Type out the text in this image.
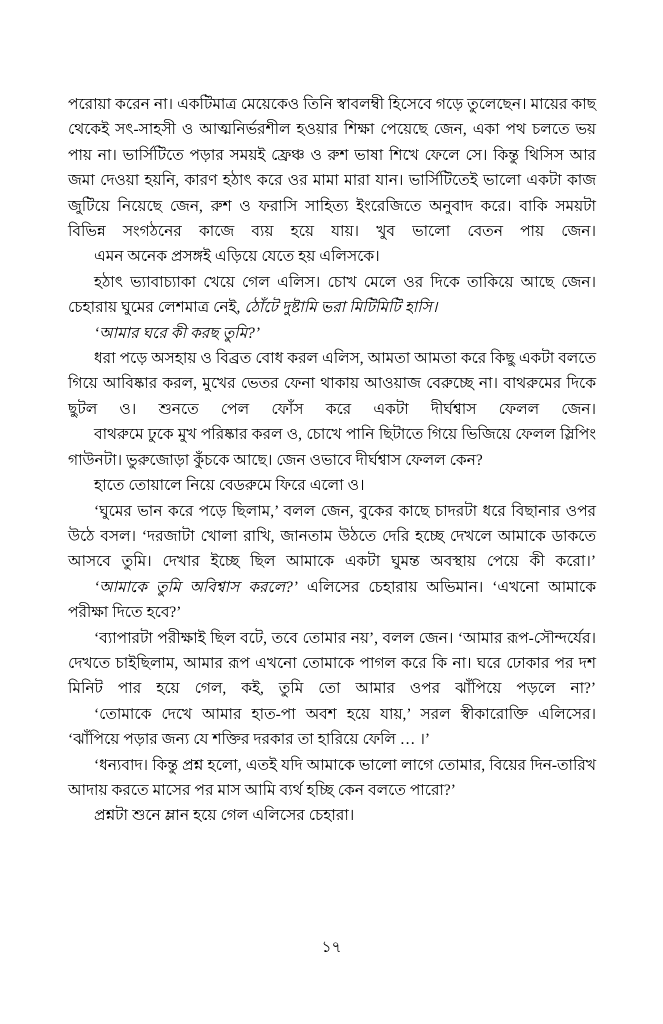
পরোয়া করেন না। একটিমাত্র মেয়েকেও তিনি স্বাবলম্বী হিসেবে গড়ে তুলেছেন। মায়ের কাছ থেকেই সৎ-সাহসী ও আত্মনির্ভরশীল হওয়ার শিক্ষা পেয়েছে জেন, একা পথ চলতে ভয় পায় না। ভার্সিটিতে পড়ার সময়ই ফ্রেঞ্চ ও রুশ ভাষা শিখে ফেলে সে। কিন্তু থিসিস আর জমা দেওয়া হয়নি, কারণ হঠাৎ করে ওর মামা মারা যান। ভার্সিটিতেই ভালো একটা কাজ জুটিয়ে নিয়েছে জেন, রুশ ও ফরাসি সাহিত্য ইংরেজিতে অনুবাদ করে। বাকি সময়টা বিভিন্ন সংগঠনের কাজে ব্যয় হয়ে যায়। খুব ভালো বেতন পায় জেন।

এমন অনেক প্রসঙ্গই এড়িয়ে যেতে হয় এলিসকে।

হঠাৎ ভ্যাবাচ্যাকা খেয়ে গেল এলিস। চোখ মেলে ওর দিকে তাকিয়ে আছে জেন। চেহারায় ঘুমের লেশমাত্র নেই, ঠোঁটে দুষ্টামি ভরা মিটিমিটি হাসি।

‘আমার ঘরে কী করছ তুমি?’

ধরা পড়ে অসহায় ও বিব্রত বোধ করল এলিস, আমতা আমতা করে কিছু একটা বলতে গিয়ে আবিষ্কার করল, মুখের ভেতর ফেনা থাকায় আওয়াজ বেরুচ্ছে না। বাথরুমের দিকে ছুটল ও। শুনতে পেল ফোঁস করে একটা দীর্ঘশ্বাস ফেলল জেন।

বাথরুমে ঢুকে মুখ পরিষ্কার করল ও, চোখে পানি ছিটাতে গিয়ে ভিজিয়ে ফেলল স্লিপিং গাউনটা। ভুরুজোড়া কুঁচকে আছে। জেন ওভাবে দীর্ঘশ্বাস ফেলল কেন?

হাতে তোয়ালে নিয়ে বেডরুমে ফিরে এলো ও।

‘ঘুমের ভান করে পড়ে ছিলাম,’ বলল জেন, বুকের কাছে চাদরটা ধরে বিছানার ওপর উঠে বসল। ‘দরজাটা খোলা রাখি, জানতাম উঠতে দেরি হচ্ছে দেখলে আমাকে ডাকতে আসবে তুমি। দেখার ইচ্ছে ছিল আমাকে একটা ঘুমন্ত অবস্থায় পেয়ে কী করো।’

‘আমাকে তুমি অবিশ্বাস করলে?’ এলিসের চেহারায় অভিমান। ‘এখনো আমাকে পরীক্ষা দিতে হবে?’

‘ব্যাপারটা পরীক্ষাই ছিল বটে, তবে তোমার নয়’, বলল জেন। ‘আমার রূপ-সৌন্দর্যের। দেখতে চাইছিলাম, আমার রূপ এখনো তোমাকে পাগল করে কি না। ঘরে ঢোকার পর দশ মিনিট পার হয়ে গেল, কই, তুমি তো আমার ওপর ঝাঁপিয়ে পড়লে না?’

‘তোমাকে দেখে আমার হাত-পা অবশ হয়ে যায়,’ সরল স্বীকারোক্তি এলিসের। ‘ঝাঁপিয়ে পড়ার জন্য যে শক্তির দরকার তা হারিয়ে ফেলি … ।’

‘ধন্যবাদ। কিন্তু প্রশ্ন হলো, এতই যদি আমাকে ভালো লাগে তোমার, বিয়ের দিন-তারিখ আদায় করতে মাসের পর মাস আমি ব্যর্থ হচ্ছি কেন বলতে পারো?’

প্রশ্নটা শুনে ম্লান হয়ে গেল এলিসের চেহারা।

১৭
